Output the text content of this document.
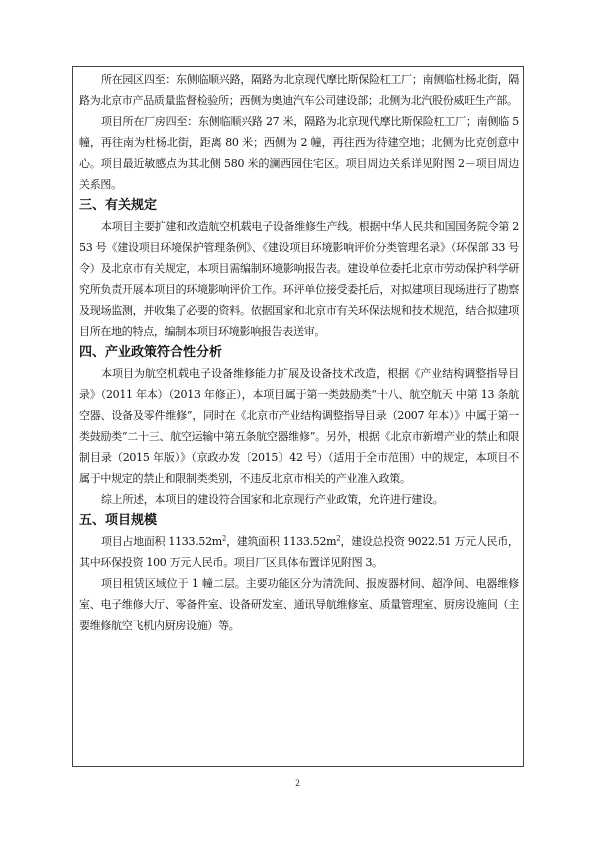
所在园区四至：东侧临顺兴路，隔路为北京现代摩比斯保险杠工厂；南侧临杜杨北街，隔路为北京市产品质量监督检验所；西侧为奥迪汽车公司建设部；北侧为北汽股份威旺生产部。

项目所在厂房四至：东侧临顺兴路 27 米，隔路为北京现代摩比斯保险杠工厂；南侧临 5 幢，再往南为杜杨北街，距离 80 米；西侧为 2 幢，再往西为待建空地；北侧为比克创意中心。项目最近敏感点为其北侧 580 米的澜西园住宅区。项目周边关系详见附图 2－项目周边关系图。

三、有关规定

本项目主要扩建和改造航空机载电子设备维修生产线。根据中华人民共和国国务院令第 253 号《建设项目环境保护管理条例》、《建设项目环境影响评价分类管理名录》（环保部 33 号令）及北京市有关规定，本项目需编制环境影响报告表。建设单位委托北京市劳动保护科学研究所负责开展本项目的环境影响评价工作。环评单位接受委托后，对拟建项目现场进行了勘察及现场监测，并收集了必要的资料。依据国家和北京市有关环保法规和技术规范，结合拟建项目所在地的特点，编制本项目环境影响报告表送审。

四、产业政策符合性分析

本项目为航空机载电子设备维修能力扩展及设备技术改造，根据《产业结构调整指导目录》（2011 年本）（2013 年修正），本项目属于第一类鼓励类“十八、航空航天 中第 13 条航空器、设备及零件维修”，同时在《北京市产业结构调整指导目录（2007 年本）》中属于第一类鼓励类“二十三、航空运输中第五条航空器维修”。另外，根据《北京市新增产业的禁止和限制目录（2015 年版）》（京政办发〔2015〕42 号）（适用于全市范围）中的规定，本项目不属于中规定的禁止和限制类类别，不违反北京市相关的产业准入政策。

综上所述，本项目的建设符合国家和北京现行产业政策，允许进行建设。

五、项目规模

项目占地面积 $1133.52m^2$，建筑面积 $1133.52m^2$，建设总投资 9022.51 万元人民币，

其中环保投资 100 万元人民币。项目厂区具体布置详见附图 3。

项目租赁区域位于 1 幢二层。主要功能区分为清洗间、报废器材间、超净间、电器维修室、电子维修大厅、零备件室、设备研发室、通讯导航维修室、质量管理室、厨房设施间（主要维修航空飞机内厨房设施）等。

2
